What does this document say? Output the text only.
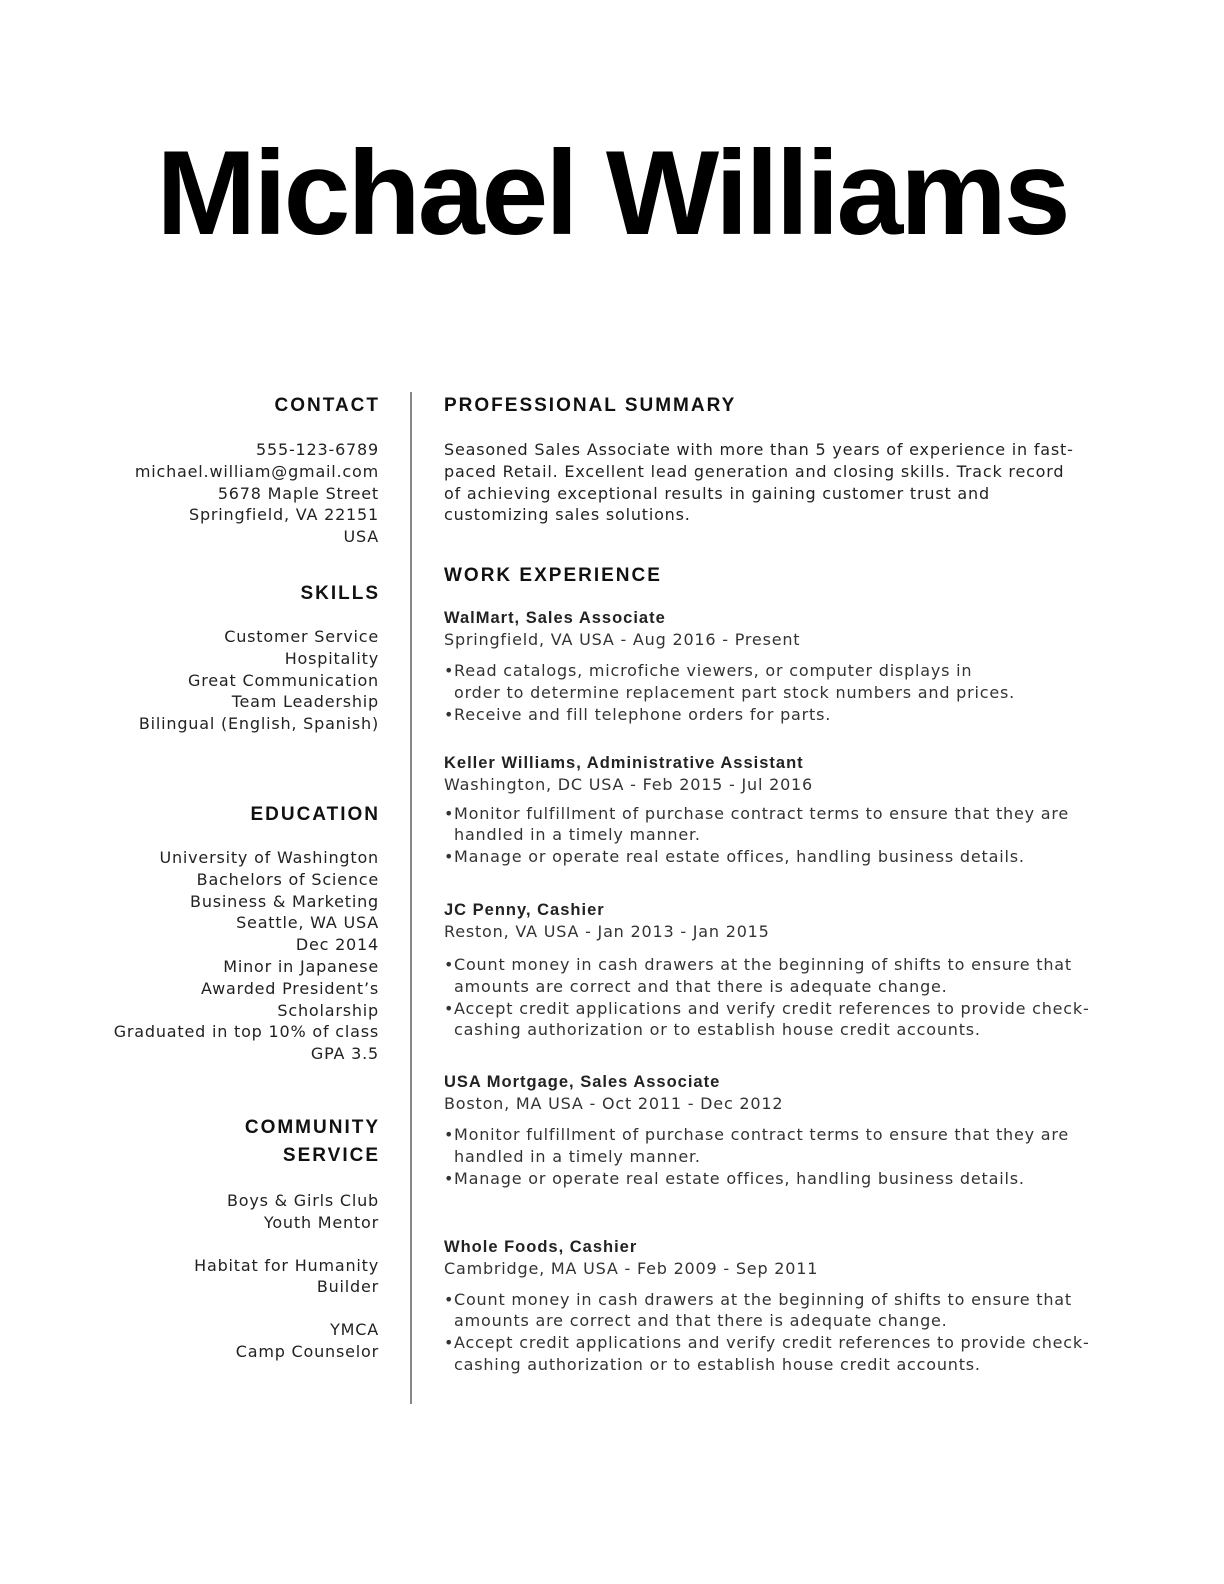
Michael Williams
CONTACT
555-123-6789
michael.william@gmail.com
5678 Maple Street
Springfield, VA 22151
USA
SKILLS
Customer Service
Hospitality
Great Communication
Team Leadership
Bilingual (English, Spanish)
EDUCATION
University of Washington
Bachelors of Science
Business & Marketing
Seattle, WA USA
Dec 2014
Minor in Japanese
Awarded President’s
Scholarship
Graduated in top 10% of class
GPA 3.5
COMMUNITY
SERVICE
Boys & Girls Club
Youth Mentor
Habitat for Humanity
Builder
YMCA
Camp Counselor
PROFESSIONAL SUMMARY
Seasoned Sales Associate with more than 5 years of experience in fast-
paced Retail. Excellent lead generation and closing skills. Track record
of achieving exceptional results in gaining customer trust and
customizing sales solutions.
WORK EXPERIENCE
WalMart, Sales Associate
Springfield, VA USA - Aug 2016 - Present
• Read catalogs, microfiche viewers, or computer displays in
order to determine replacement part stock numbers and prices.
• Receive and fill telephone orders for parts.
Keller Williams, Administrative Assistant
Washington, DC USA - Feb 2015 - Jul 2016
• Monitor fulfillment of purchase contract terms to ensure that they are
handled in a timely manner.
• Manage or operate real estate offices, handling business details.
JC Penny, Cashier
Reston, VA USA - Jan 2013 - Jan 2015
• Count money in cash drawers at the beginning of shifts to ensure that
amounts are correct and that there is adequate change.
• Accept credit applications and verify credit references to provide check-
cashing authorization or to establish house credit accounts.
USA Mortgage, Sales Associate
Boston, MA USA - Oct 2011 - Dec 2012
• Monitor fulfillment of purchase contract terms to ensure that they are
handled in a timely manner.
• Manage or operate real estate offices, handling business details.
Whole Foods, Cashier
Cambridge, MA USA - Feb 2009 - Sep 2011
• Count money in cash drawers at the beginning of shifts to ensure that
amounts are correct and that there is adequate change.
• Accept credit applications and verify credit references to provide check-
cashing authorization or to establish house credit accounts.
